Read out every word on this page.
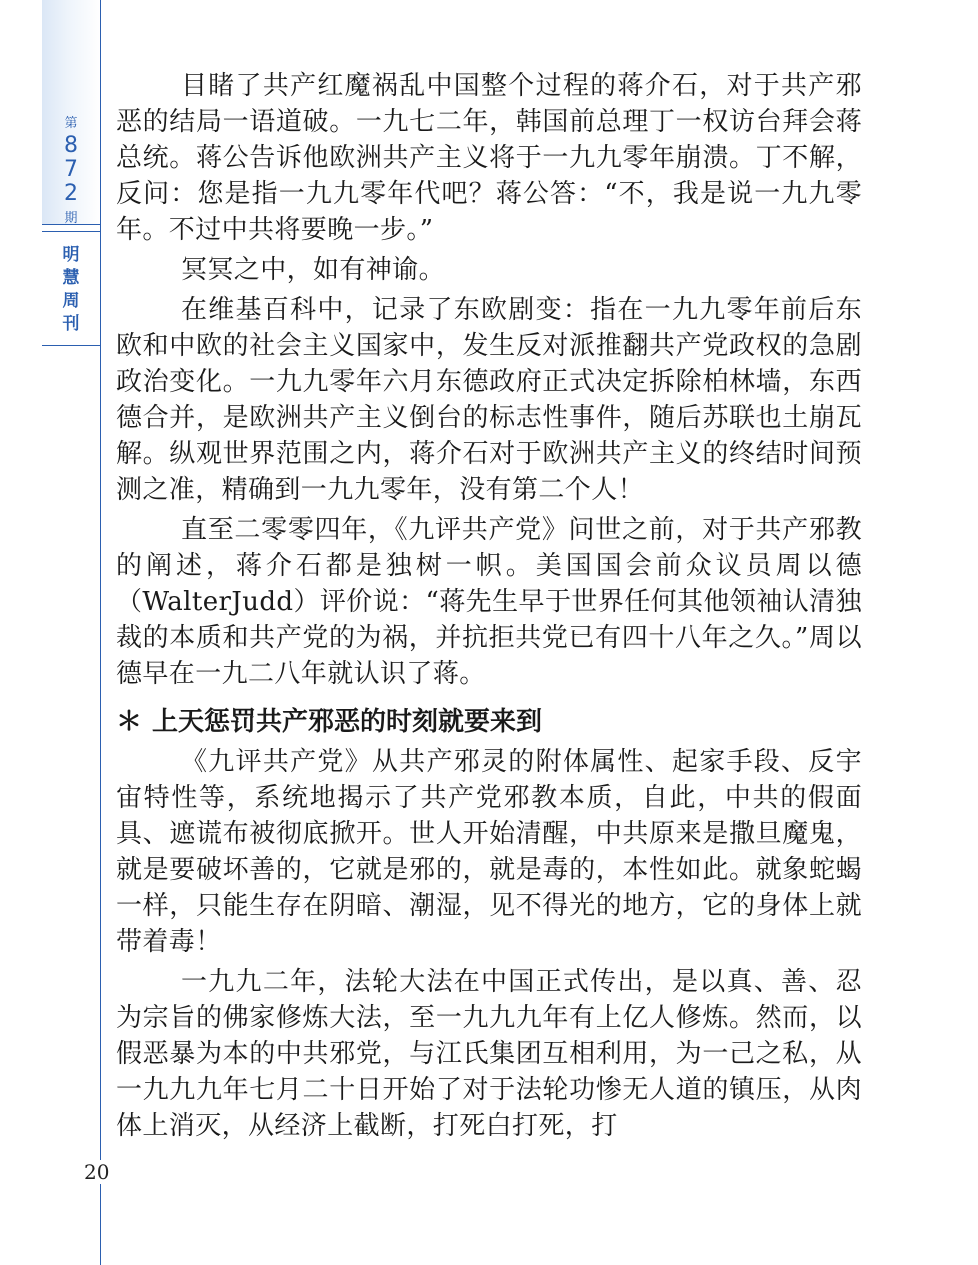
第
8
7
2
期
明
慧
周
刊
20

目睹了共产红魔祸乱中国整个过程的蒋介石，对于共产邪恶的结局一语道破。一九七二年，韩国前总理丁一权访台拜会蒋总统。蒋公告诉他欧洲共产主义将于一九九零年崩溃。丁不解，反问：您是指一九九零年代吧？蒋公答：“不，我是说一九九零年。不过中共将要晚一步。”

冥冥之中，如有神谕。

在维基百科中，记录了东欧剧变：指在一九九零年前后东欧和中欧的社会主义国家中，发生反对派推翻共产党政权的急剧政治变化。一九九零年六月东德政府正式决定拆除柏林墙，东西德合并，是欧洲共产主义倒台的标志性事件，随后苏联也土崩瓦解。纵观世界范围之内，蒋介石对于欧洲共产主义的终结时间预测之准，精确到一九九零年，没有第二个人！

直至二零零四年，《九评共产党》问世之前，对于共产邪教的阐述，蒋介石都是独树一帜。美国国会前众议员周以德（WalterJudd）评价说：“蒋先生早于世界任何其他领袖认清独裁的本质和共产党的为祸，并抗拒共党已有四十八年之久。”周以德早在一九二八年就认识了蒋。

＊ 上天惩罚共产邪恶的时刻就要来到

《九评共产党》从共产邪灵的附体属性、起家手段、反宇宙特性等，系统地揭示了共产党邪教本质，自此，中共的假面具、遮谎布被彻底掀开。世人开始清醒，中共原来是撒旦魔鬼，就是要破坏善的，它就是邪的，就是毒的，本性如此。就象蛇蝎一样，只能生存在阴暗、潮湿，见不得光的地方，它的身体上就带着毒！

一九九二年，法轮大法在中国正式传出，是以真、善、忍为宗旨的佛家修炼大法，至一九九九年有上亿人修炼。然而，以假恶暴为本的中共邪党，与江氏集团互相利用，为一己之私，从一九九九年七月二十日开始了对于法轮功惨无人道的镇压，从肉体上消灭，从经济上截断，打死白打死，打
